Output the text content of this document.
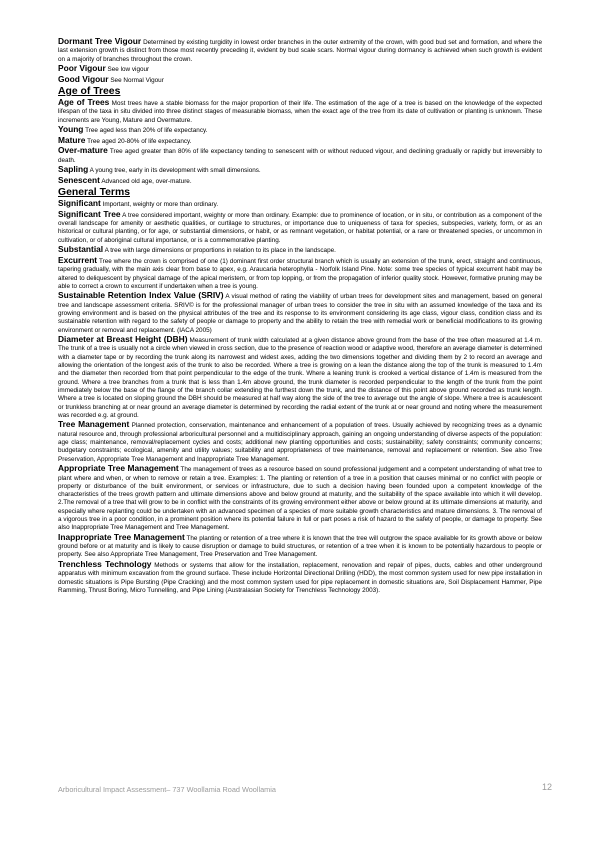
Dormant Tree Vigour Determined by existing turgidity in lowest order branches in the outer extremity of the crown, with good bud set and formation, and where the last extension growth is distinct from those most recently preceding it, evident by bud scale scars. Normal vigour during dormancy is achieved when such growth is evident on a majority of branches throughout the crown.
Poor Vigour See low vigour
Good Vigour See Normal Vigour
Age of Trees
Age of Trees Most trees have a stable biomass for the major proportion of their life. The estimation of the age of a tree is based on the knowledge of the expected lifespan of the taxa in situ divided into three distinct stages of measurable biomass, when the exact age of the tree from its date of cultivation or planting is unknown. These increments are Young, Mature and Overmature.
Young Tree aged less than 20% of life expectancy.
Mature Tree aged 20-80% of life expectancy.
Over-mature Tree aged greater than 80% of life expectancy tending to senescent with or without reduced vigour, and declining gradually or rapidly but irreversibly to death.
Sapling A young tree, early in its development with small dimensions.
Senescent Advanced old age, over-mature.
General Terms
Significant Important, weighty or more than ordinary.
Significant Tree A tree considered important, weighty or more than ordinary. Example: due to prominence of location, or in situ, or contribution as a component of the overall landscape for amenity or aesthetic qualities, or curtilage to structures, or importance due to uniqueness of taxa for species, subspecies, variety, form, or as an historical or cultural planting, or for age, or substantial dimensions, or habit, or as remnant vegetation, or habitat potential, or a rare or threatened species, or uncommon in cultivation, or of aboriginal cultural importance, or is a commemorative planting.
Substantial A tree with large dimensions or proportions in relation to its place in the landscape.
Excurrent Tree where the crown is comprised of one (1) dominant first order structural branch which is usually an extension of the trunk, erect, straight and continuous, tapering gradually, with the main axis clear from base to apex, e.g. Araucaria heterophylla - Norfolk Island Pine. Note: some tree species of typical excurrent habit may be altered to deliquescent by physical damage of the apical meristem, or from top lopping, or from the propagation of inferior quality stock. However, formative pruning may be able to correct a crown to excurrent if undertaken when a tree is young.
Sustainable Retention Index Value (SRIV) A visual method of rating the viability of urban trees for development sites and management, based on general tree and landscape assessment criteria. SRIV© is for the professional manager of urban trees to consider the tree in situ with an assumed knowledge of the taxa and its growing environment and is based on the physical attributes of the tree and its response to its environment considering its age class, vigour class, condition class and its sustainable retention with regard to the safety of people or damage to property and the ability to retain the tree with remedial work or beneficial modifications to its growing environment or removal and replacement. (IACA 2005)
Diameter at Breast Height (DBH) Measurement of trunk width calculated at a given distance above ground from the base of the tree often measured at 1.4 m. The trunk of a tree is usually not a circle when viewed in cross section, due to the presence of reaction wood or adaptive wood, therefore an average diameter is determined with a diameter tape or by recording the trunk along its narrowest and widest axes, adding the two dimensions together and dividing them by 2 to record an average and allowing the orientation of the longest axis of the trunk to also be recorded. Where a tree is growing on a lean the distance along the top of the trunk is measured to 1.4m and the diameter then recorded from that point perpendicular to the edge of the trunk. Where a leaning trunk is crooked a vertical distance of 1.4m is measured from the ground. Where a tree branches from a trunk that is less than 1.4m above ground, the trunk diameter is recorded perpendicular to the length of the trunk from the point immediately below the base of the flange of the branch collar extending the furthest down the trunk, and the distance of this point above ground recorded as trunk length. Where a tree is located on sloping ground the DBH should be measured at half way along the side of the tree to average out the angle of slope. Where a tree is acaulescent or trunkless branching at or near ground an average diameter is determined by recording the radial extent of the trunk at or near ground and noting where the measurement was recorded e.g. at ground.
Tree Management Planned protection, conservation, maintenance and enhancement of a population of trees. Usually achieved by recognizing trees as a dynamic natural resource and, through professional arboricultural personnel and a multidisciplinary approach, gaining an ongoing understanding of diverse aspects of the population: age class; maintenance, removal/replacement cycles and costs; additional new planting opportunities and costs; sustainability; safety constraints; community concerns; budgetary constraints; ecological, amenity and utility values; suitability and appropriateness of tree maintenance, removal and replacement or retention. See also Tree Preservation, Appropriate Tree Management and Inappropriate Tree Management.
Appropriate Tree Management The management of trees as a resource based on sound professional judgement and a competent understanding of what tree to plant where and when, or when to remove or retain a tree. Examples: 1. The planting or retention of a tree in a position that causes minimal or no conflict with people or property or disturbance of the built environment, or services or infrastructure, due to such a decision having been founded upon a competent knowledge of the characteristics of the trees growth pattern and ultimate dimensions above and below ground at maturity, and the suitability of the space available into which it will develop. 2.The removal of a tree that will grow to be in conflict with the constraints of its growing environment either above or below ground at its ultimate dimensions at maturity, and especially where replanting could be undertaken with an advanced specimen of a species of more suitable growth characteristics and mature dimensions. 3. The removal of a vigorous tree in a poor condition, in a prominent position where its potential failure in full or part poses a risk of hazard to the safety of people, or damage to property. See also Inappropriate Tree Management and Tree Management.
Inappropriate Tree Management The planting or retention of a tree where it is known that the tree will outgrow the space available for its growth above or below ground before or at maturity and is likely to cause disruption or damage to build structures, or retention of a tree when it is known to be potentially hazardous to people or property. See also Appropriate Tree Management, Tree Preservation and Tree Management.
Trenchless Technology Methods or systems that allow for the installation, replacement, renovation and repair of pipes, ducts, cables and other underground apparatus with minimum excavation from the ground surface. These include Horizontal Directional Drilling (HDD), the most common system used for new pipe installation in domestic situations is Pipe Bursting (Pipe Cracking) and the most common system used for pipe replacement in domestic situations are, Soil Displacement Hammer, Pipe Ramming, Thrust Boring, Micro Tunnelling, and Pipe Lining (Australasian Society for Trenchless Technology 2003).
Arboricultural Impact Assessment– 737 Woollamia Road Woollamia	12
